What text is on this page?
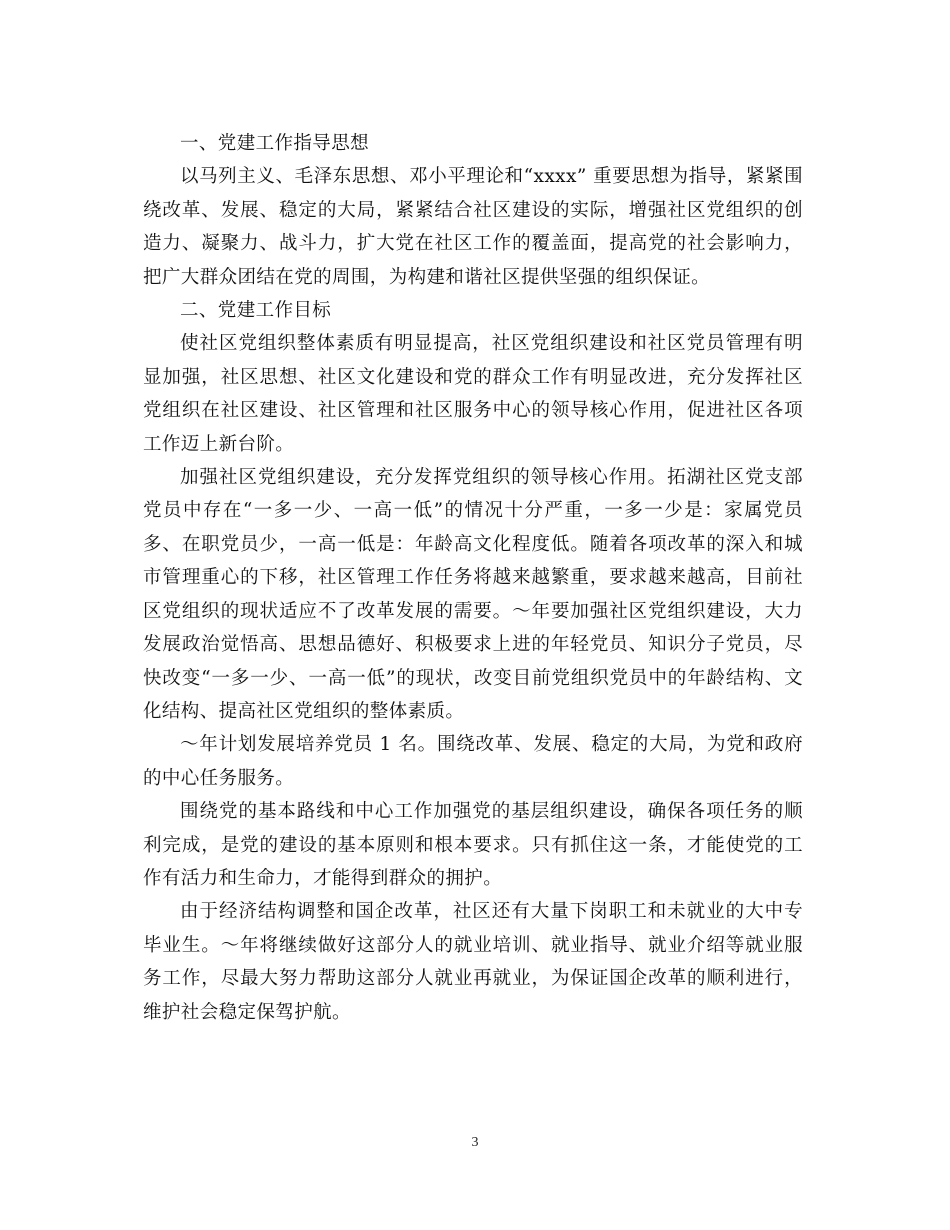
一、党建工作指导思想

以马列主义、毛泽东思想、邓小平理论和“xxxx” 重要思想为指导，紧紧围绕改革、发展、稳定的大局，紧紧结合社区建设的实际，增强社区党组织的创造力、凝聚力、战斗力，扩大党在社区工作的覆盖面，提高党的社会影响力，把广大群众团结在党的周围，为构建和谐社区提供坚强的组织保证。

二、党建工作目标

使社区党组织整体素质有明显提高，社区党组织建设和社区党员管理有明显加强，社区思想、社区文化建设和党的群众工作有明显改进，充分发挥社区党组织在社区建设、社区管理和社区服务中心的领导核心作用，促进社区各项工作迈上新台阶。

加强社区党组织建设，充分发挥党组织的领导核心作用。拓湖社区党支部党员中存在“一多一少、一高一低”的情况十分严重，一多一少是：家属党员多、在职党员少，一高一低是：年龄高文化程度低。随着各项改革的深入和城市管理重心的下移，社区管理工作任务将越来越繁重，要求越来越高，目前社区党组织的现状适应不了改革发展的需要。～年要加强社区党组织建设，大力发展政治觉悟高、思想品德好、积极要求上进的年轻党员、知识分子党员，尽快改变“一多一少、一高一低”的现状，改变目前党组织党员中的年龄结构、文化结构、提高社区党组织的整体素质。

～年计划发展培养党员 1 名。围绕改革、发展、稳定的大局，为党和政府的中心任务服务。

围绕党的基本路线和中心工作加强党的基层组织建设，确保各项任务的顺利完成，是党的建设的基本原则和根本要求。只有抓住这一条，才能使党的工作有活力和生命力，才能得到群众的拥护。

由于经济结构调整和国企改革，社区还有大量下岗职工和未就业的大中专毕业生。～年将继续做好这部分人的就业培训、就业指导、就业介绍等就业服务工作，尽最大努力帮助这部分人就业再就业，为保证国企改革的顺利进行，维护社会稳定保驾护航。

3
